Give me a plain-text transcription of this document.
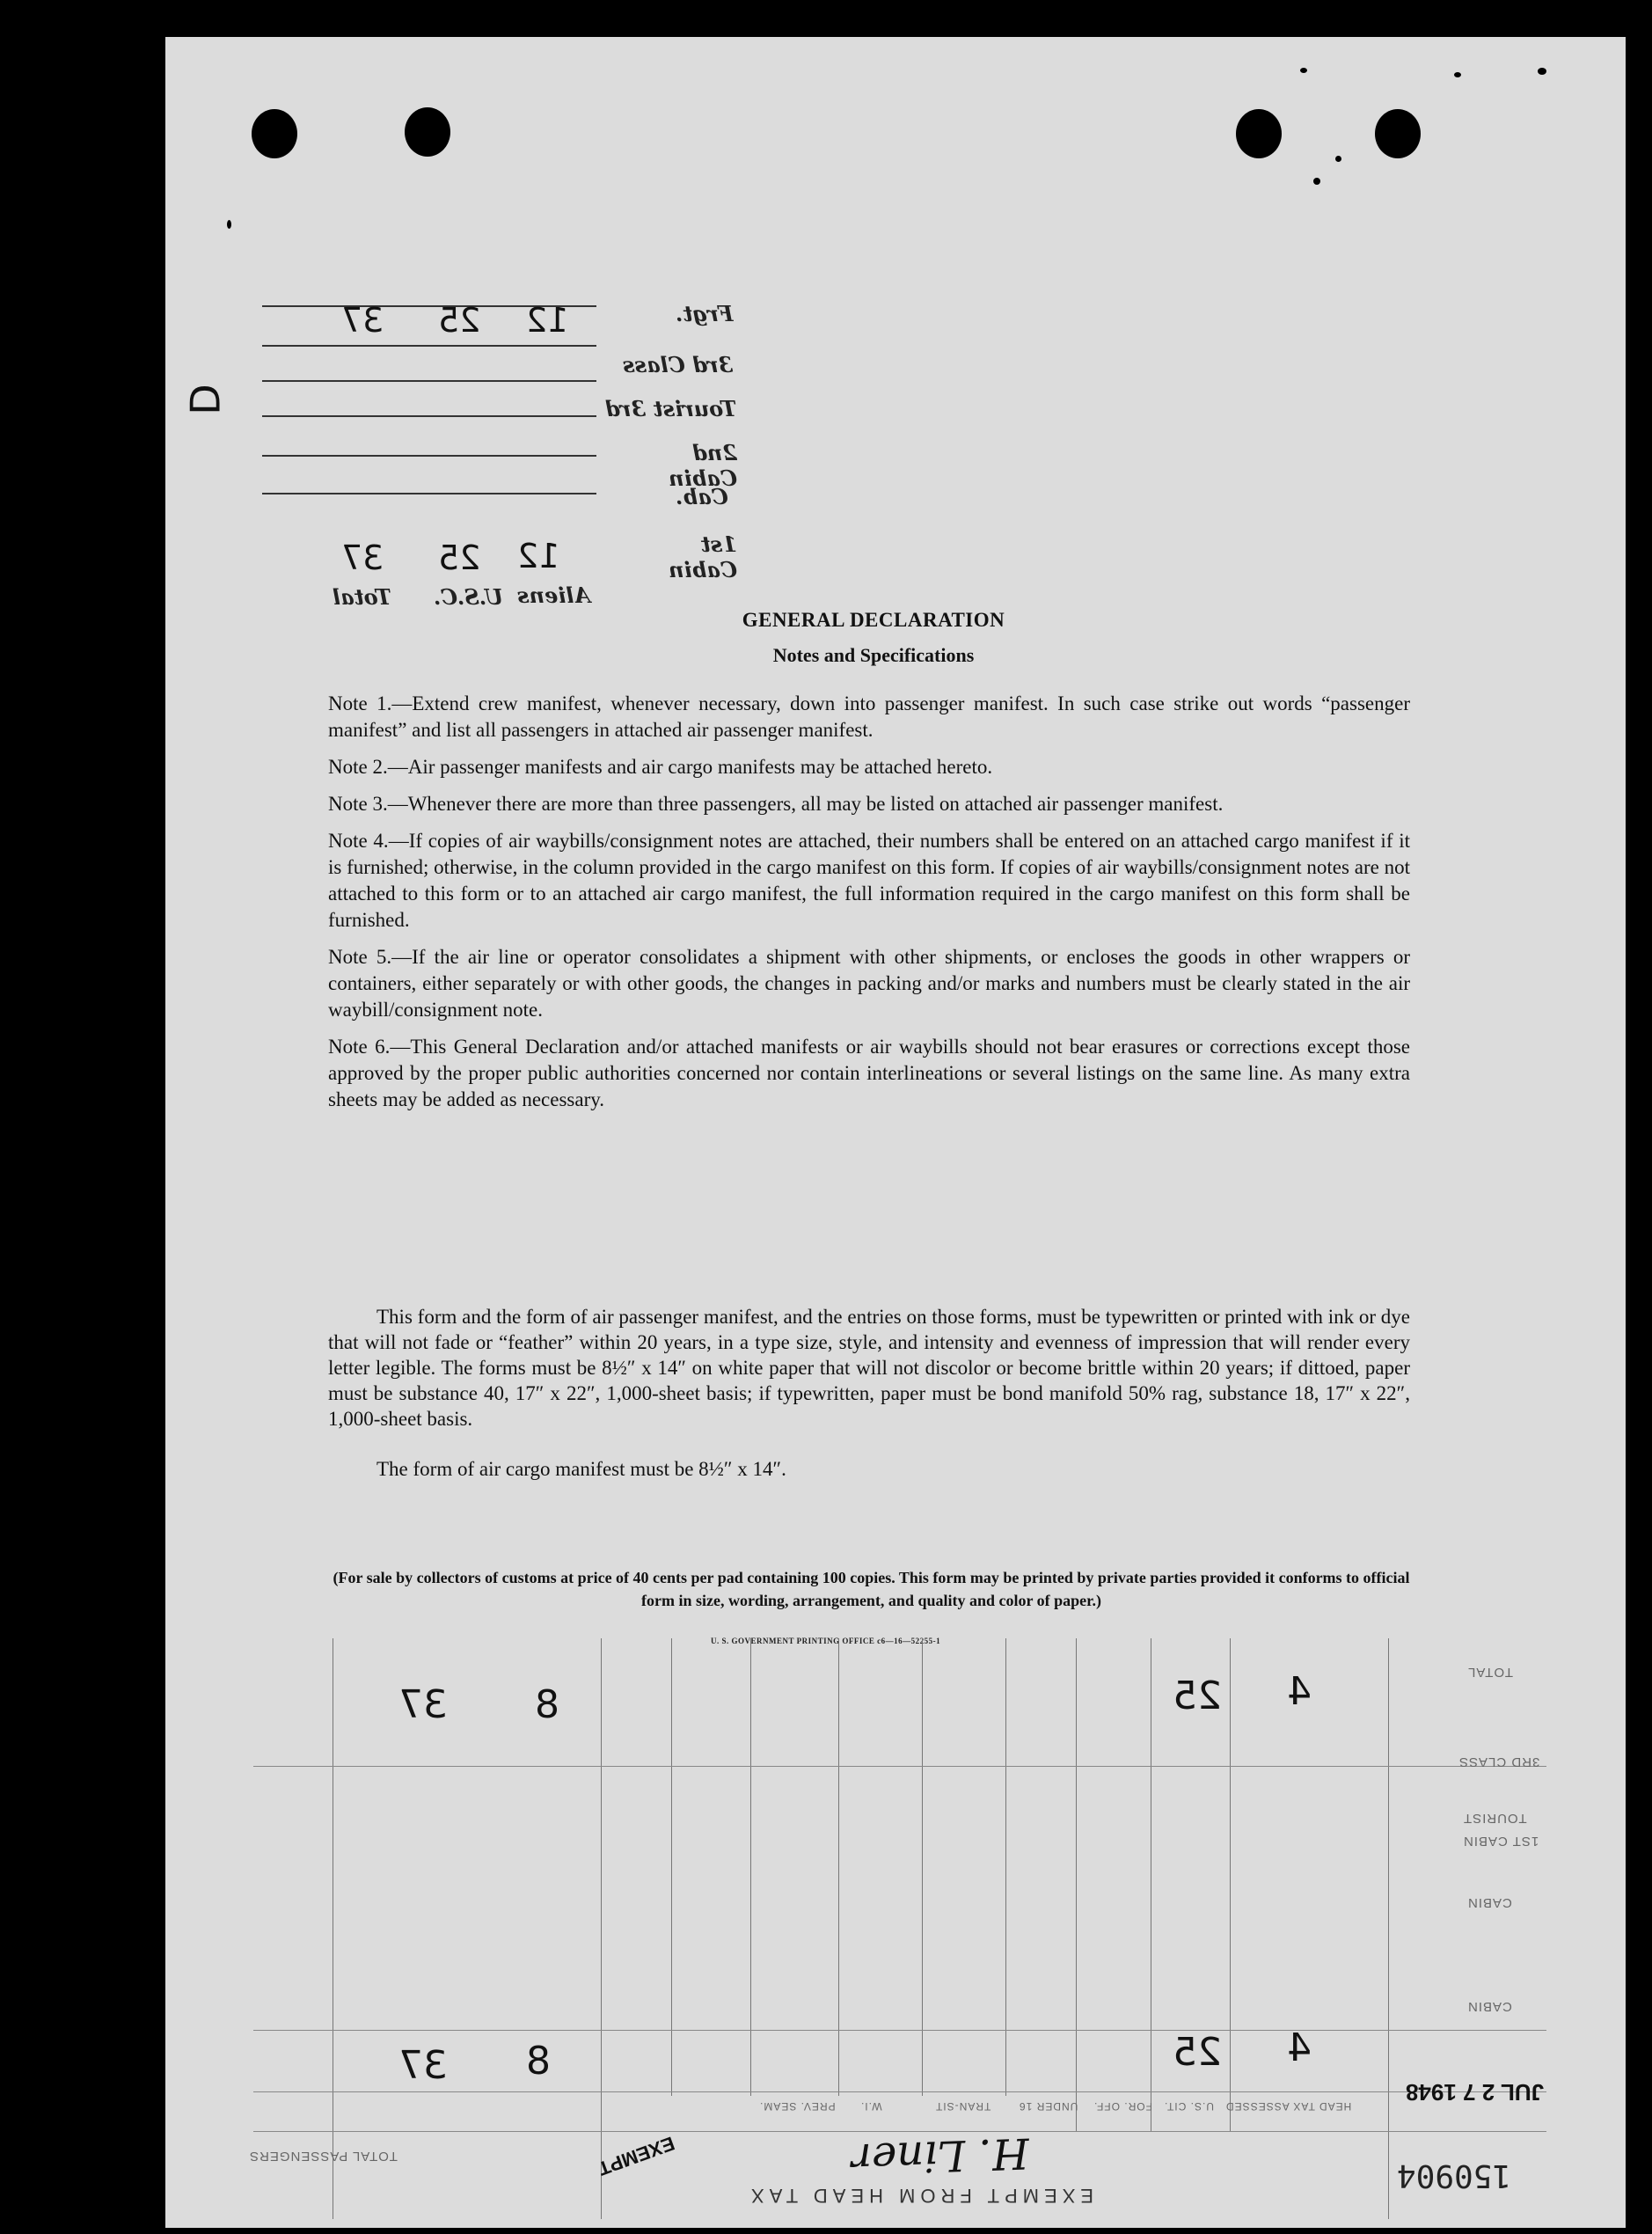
D
Frgt.
3rd Class
Tourist 3rd
2nd Cabin
Cab.
1st Cabin
12
25
37
12
25
37
Aliens
U.S.C.
Total
GENERAL DECLARATION
Notes and Specifications
Note 1.—Extend crew manifest, whenever necessary, down into passenger manifest. In such case strike out words “passenger manifest” and list all passengers in attached air passenger manifest.
Note 2.—Air passenger manifests and air cargo manifests may be attached hereto.
Note 3.—Whenever there are more than three passengers, all may be listed on attached air passenger manifest.
Note 4.—If copies of air waybills/consignment notes are attached, their numbers shall be entered on an attached cargo manifest if it is furnished; otherwise, in the column provided in the cargo manifest on this form. If copies of air waybills/consignment notes are not attached to this form or to an attached air cargo manifest, the full information required in the cargo manifest on this form shall be furnished.
Note 5.—If the air line or operator consolidates a shipment with other shipments, or encloses the goods in other wrappers or containers, either separately or with other goods, the changes in packing and/or marks and numbers must be clearly stated in the air waybill/consignment note.
Note 6.—This General Declaration and/or attached manifests or air waybills should not bear erasures or corrections except those approved by the proper public authorities concerned nor contain interlineations or several listings on the same line. As many extra sheets may be added as necessary.
This form and the form of air passenger manifest, and the entries on those forms, must be typewritten or printed with ink or dye that will not fade or “feather” within 20 years, in a type size, style, and intensity and evenness of impression that will render every letter legible. The forms must be 8½″ x 14″ on white paper that will not discolor or become brittle within 20 years; if dittoed, paper must be substance 40, 17″ x 22″, 1,000-sheet basis; if typewritten, paper must be bond manifold 50% rag, substance 18, 17″ x 22″, 1,000-sheet basis.
The form of air cargo manifest must be 8½″ x 14″.
(For sale by collectors of customs at price of 40 cents per pad containing 100 copies. This form may be printed by private parties provided it conforms to official form in size, wording, arrangement, and quality and color of paper.)
U. S. GOVERNMENT PRINTING OFFICE c6—16—52255-1
TOTAL
3RD CLASS
TOURIST
1ST CABIN
CABIN
CABIN
TOTAL PASSENGERS
HEAD TAX ASSESSED
U.S. CIT.
FOR. OFF.
UNDER 16
TRAN-SIT
W.I.
PREV. SEAM.
4
25
8
37
4
25
8
37
JUL 2 7 1948
150904
EXEMPT FROM HEAD TAX
H. Liner
EXEMPT
